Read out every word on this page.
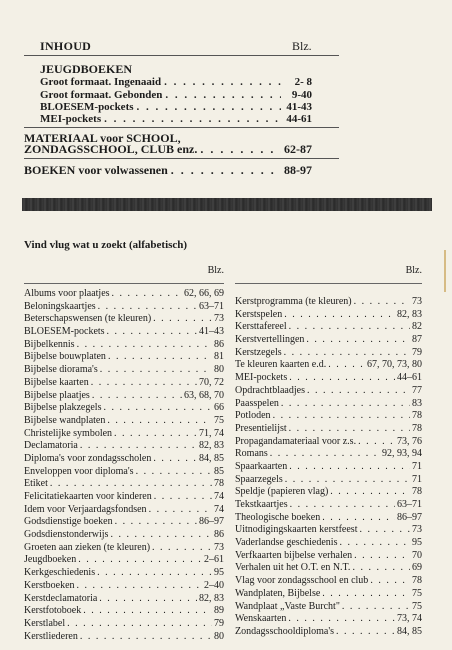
INHOUD	Blz.
JEUGDBOEKEN
Groot formaat. Ingenaaid . . .	2- 8
Groot formaat. Gebonden . . .	9-40
BLOESEM-pockets . . .	41-43
MEI-pockets . . .	44-61
MATERIAAL voor SCHOOL,
ZONDAGSSCHOOL, CLUB enz. . . .	62-87
BOEKEN voor volwassenen . . .	88-97
Vind vlug wat u zoekt (alfabetisch)
Blz.
Albums voor plaatjes . . .	62, 66, 69
Beloningskaartjes . . .	63–71
Beterschapswensen (te kleuren) . . .	73
BLOESEM-pockets . . .	41–43
Bijbelkennis . . .	86
Bijbelse bouwplaten . . .	81
Bijbelse diorama's . . .	80
Bijbelse kaarten . . .	70, 72
Bijbelse plaatjes . . .	63, 68, 70
Bijbelse plakzegels . . .	66
Bijbelse wandplaten . . .	75
Christelijke symbolen . . .	71, 74
Declamatoria . . .	82, 83
Diploma's voor zondagsscholen . . .	84, 85
Enveloppen voor diploma's . . .	85
Etiket . . .	78
Felicitatiekaarten voor kinderen . . .	74
Idem voor Verjaardagsfondsen . . .	74
Godsdienstige boeken . . .	86–97
Godsdienstonderwijs . . .	86
Groeten aan zieken (te kleuren) . . .	73
Jeugdboeken . . .	2–61
Kerkgeschiedenis . . .	95
Kerstboeken . . .	2–40
Kerstdeclamatoria . . .	82, 83
Kerstfotoboek . . .	89
Kerstlabel . . .	79
Kerstliederen . . .	80
Blz.
Kerstprogramma (te kleuren) . . .	73
Kerstspelen . . .	82, 83
Kersttafereel . . .	82
Kerstvertellingen . . .	87
Kerstzegels . . .	79
Te kleuren kaarten e.d. . . .	67, 70, 73, 80
MEI-pockets . . .	44–61
Opdrachtblaadjes . . .	77
Paasspelen . . .	83
Potloden . . .	78
Presentielijst . . .	78
Propagandamateriaal voor z.s. . . .	73, 76
Romans . . .	92, 93, 94
Spaarkaarten . . .	71
Spaarzegels . . .	71
Speldje (papieren vlag) . . .	78
Tekstkaartjes . . .	63–71
Theologische boeken . . .	86–97
Uitnodigingskaarten kerstfeest . . .	73
Vaderlandse geschiedenis . . .	95
Verfkaarten bijbelse verhalen . . .	70
Verhalen uit het O.T. en N.T. . . .	69
Vlag voor zondagsschool en club . . .	78
Wandplaten, Bijbelse . . .	75
Wandplaat „Vaste Burcht" . . .	75
Wenskaarten . . .	73, 74
Zondagsschooldiploma's . . .	84, 85
